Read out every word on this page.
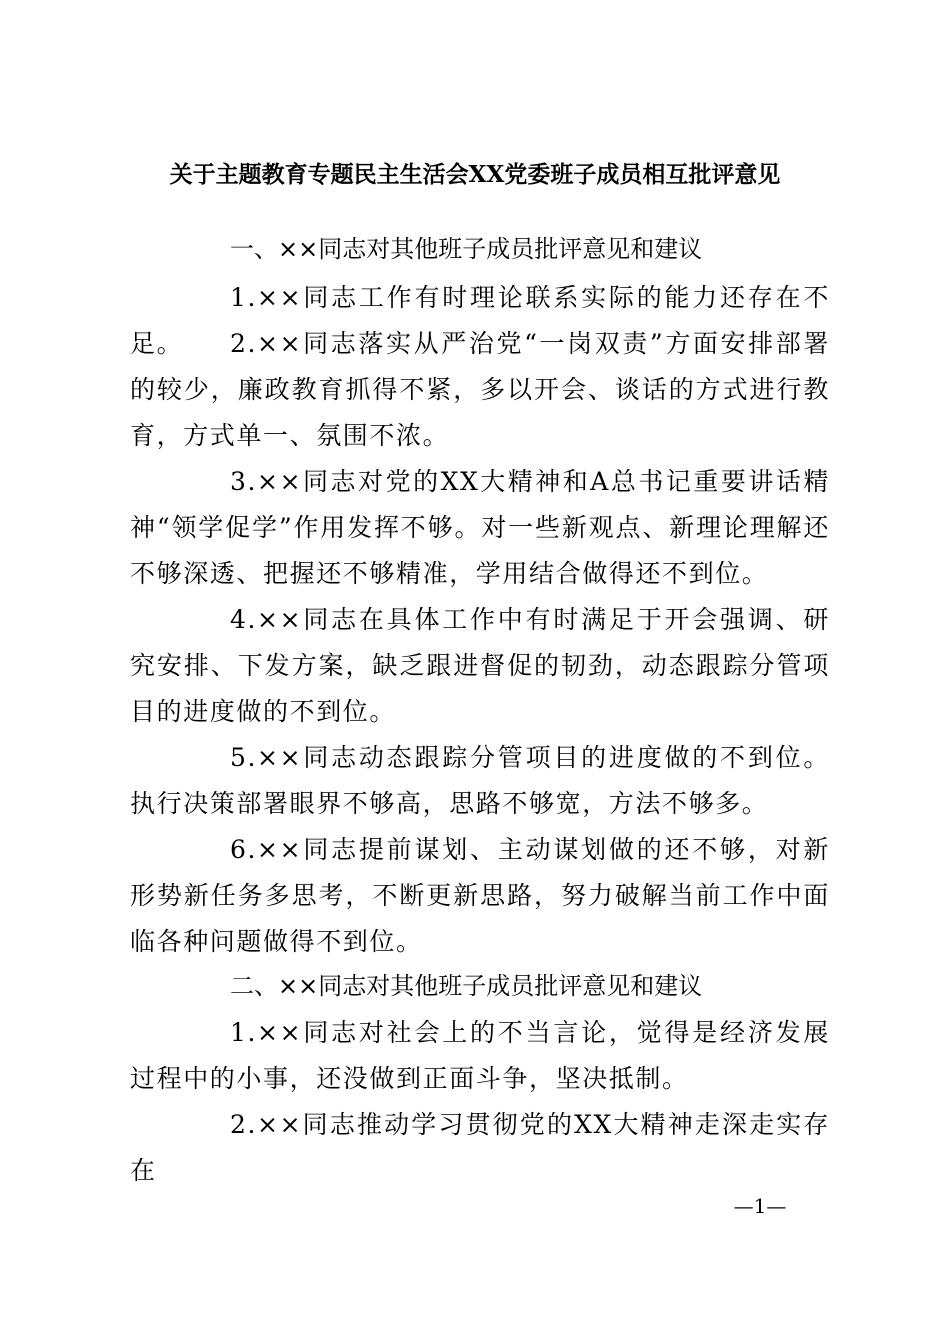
关于主题教育专题民主生活会XX党委班子成员相互批评意见
一、××同志对其他班子成员批评意见和建议

1.××同志工作有时理论联系实际的能力还存在不足。	2.××同志落实从严治党“一岗双责”方面安排部署的较少，廉政教育抓得不紧，多以开会、谈话的方式进行教育，方式单一、氛围不浓。

3.××同志对党的XX大精神和A总书记重要讲话精神“领学促学”作用发挥不够。对一些新观点、新理论理解还不够深透、把握还不够精准，学用结合做得还不到位。

4.××同志在具体工作中有时满足于开会强调、研究安排、下发方案，缺乏跟进督促的韧劲，动态跟踪分管项目的进度做的不到位。

5.××同志动态跟踪分管项目的进度做的不到位。执行决策部署眼界不够高，思路不够宽，方法不够多。

6.××同志提前谋划、主动谋划做的还不够，对新形势新任务多思考，不断更新思路，努力破解当前工作中面临各种问题做得不到位。

二、××同志对其他班子成员批评意见和建议

1.××同志对社会上的不当言论，觉得是经济发展过程中的小事，还没做到正面斗争，坚决抵制。

2.××同志推动学习贯彻党的XX大精神走深走实存在

—1—
